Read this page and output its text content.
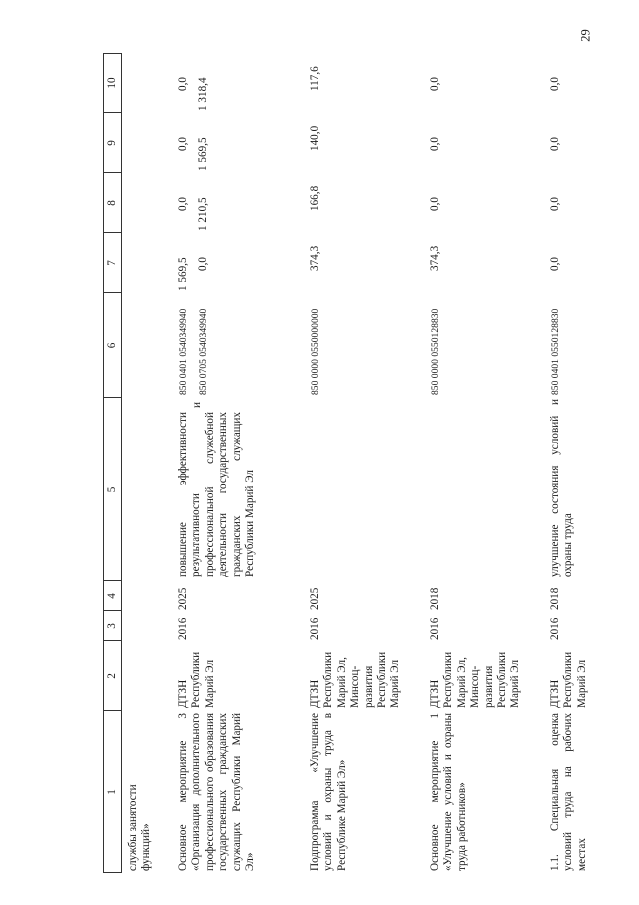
29
1
2
3
4
5
6
7
8
9
10
службы занятости
функций» Основное мероприятие 3 «Организация дополнительного профессионального образования государственных гражданских служащих Республики Марий Эл»
ДТЗН
Республики
Марий Эл
2016
2025
повышение эффективности результативности профессиональной служебной деятельности государственных гражданских служащих Республики Марий Эл
и
850 0401 0540349940 850 0705 0540349940
1 569,5 0,0
0,0 1 210,5
0,0 1 569,5
0,0 1 318,4
Подпрограмма «Улучшение условий и охраны труда в Республике Марий Эл»
ДТЗН
Республики
Марий Эл,
Минсоц-
развития
Республики
Марий Эл
2016
2025
850 0000 0550000000
374,3
166,8
140,0
117,6
Основное мероприятие 1 «Улучшение условий и охраны труда работников»
ДТЗН
Республики
Марий Эл,
Минсоц-
развития
Республики
Марий Эл
2016
2018
850 0000 0550128830
374,3
0,0
0,0
0,0
1.1. Специальная оценка условий труда на рабочих местах
ДТЗН
Республики
Марий Эл
2016
2018
улучшение состояния условий и охраны труда
850 0401 0550128830
0,0
0,0
0,0
0,0
